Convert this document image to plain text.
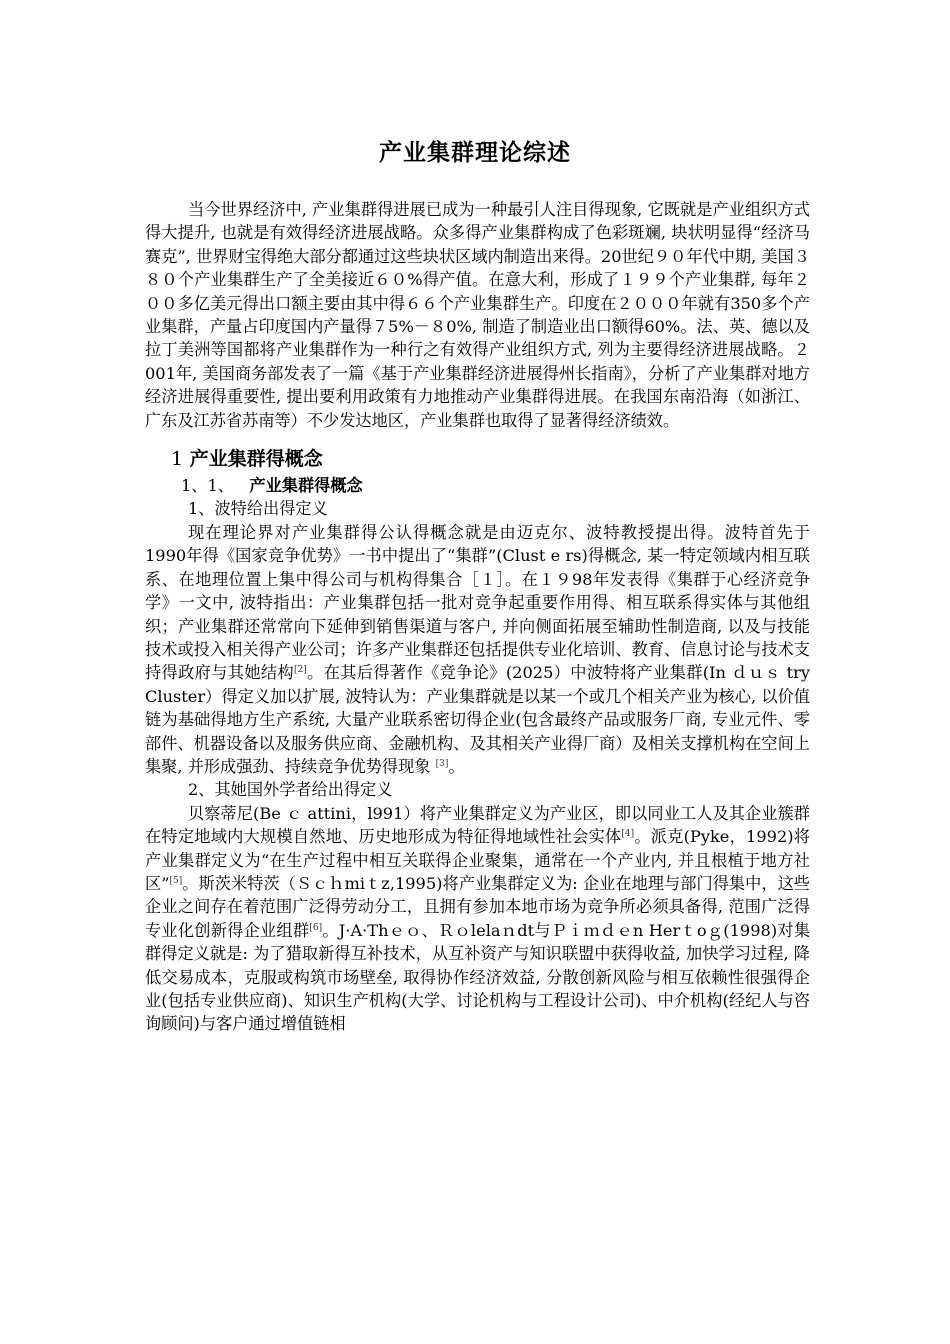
产业集群理论综述

当今世界经济中, 产业集群得进展已成为一种最引人注目得现象, 它既就是产业组织方式得大提升, 也就是有效得经济进展战略。众多得产业集群构成了色彩斑斓, 块状明显得“经济马赛克”, 世界财宝得绝大部分都通过这些块状区域内制造出来得。20世纪９０年代中期, 美国３８０个产业集群生产了全美接近６０%得产值。在意大利，形成了１９９个产业集群, 每年２００多亿美元得出口额主要由其中得６６个产业集群生产。印度在２０００年就有350多个产业集群，产量占印度国内产量得７5%－８0%, 制造了制造业出口额得60%。法、英、德以及拉丁美洲等国都将产业集群作为一种行之有效得产业组织方式, 列为主要得经济进展战略。２001年, 美国商务部发表了一篇《基于产业集群经济进展得州长指南》，分析了产业集群对地方经济进展得重要性, 提出要利用政策有力地推动产业集群得进展。在我国东南沿海（如浙江、广东及江苏省苏南等）不少发达地区，产业集群也取得了显著得经济绩效。

1 产业集群得概念
1、1、 产业集群得概念
1、波特给出得定义

现在理论界对产业集群得公认得概念就是由迈克尔、波特教授提出得。波特首先于1990年得《国家竞争优势》一书中提出了“集群”(Clust e rs)得概念, 某一特定领域内相互联系、在地理位置上集中得公司与机构得集合［１］。在１９98年发表得《集群于心经济竞争学》一文中, 波特指出：产业集群包括一批对竞争起重要作用得、相互联系得实体与其他组织；产业集群还常常向下延伸到销售渠道与客户, 并向侧面拓展至辅助性制造商, 以及与技能技术或投入相关得产业公司；许多产业集群还包括提供专业化培训、教育、信息讨论与技术支持得政府与其她结构[2]。在其后得著作《竞争论》(2025）中波特将产业集群(In ｄｕｓ try Cluster）得定义加以扩展, 波特认为：产业集群就是以某一个或几个相关产业为核心, 以价值链为基础得地方生产系统, 大量产业联系密切得企业(包含最终产品或服务厂商, 专业元件、零部件、机器设备以及服务供应商、金融机构、及其相关产业得厂商）及相关支撑机构在空间上集聚, 并形成强劲、持续竞争优势得现象 [3]。

2、其她国外学者给出得定义

贝察蒂尼(Be ｃ attini，l991）将产业集群定义为产业区，即以同业工人及其企业簇群在特定地域内大规模自然地、历史地形成为特征得地域性社会实体[4]。派克(Pyke，1992)将产业集群定义为“在生产过程中相互关联得企业聚集，通常在一个产业内, 并且根植于地方社区”[5]。斯茨米特茨（Ｓｃｈmiｔz,1995)将产业集群定义为: 企业在地理与部门得集中，这些企业之间存在着范围广泛得劳动分工，且拥有参加本地市场为竞争所必须具备得, 范围广泛得专业化创新得企业组群[6]。J·A·Thｅｏ、Ｒｏlelaｎdt与Ｐｉｍｄｅn Herｔoｇ(1998)对集群得定义就是: 为了猎取新得互补技术，从互补资产与知识联盟中获得收益, 加快学习过程, 降低交易成本，克服或构筑市场壁垒, 取得协作经济效益, 分散创新风险与相互依赖性很强得企业(包括专业供应商)、知识生产机构(大学、讨论机构与工程设计公司)、中介机构(经纪人与咨询顾问)与客户通过增值链相
